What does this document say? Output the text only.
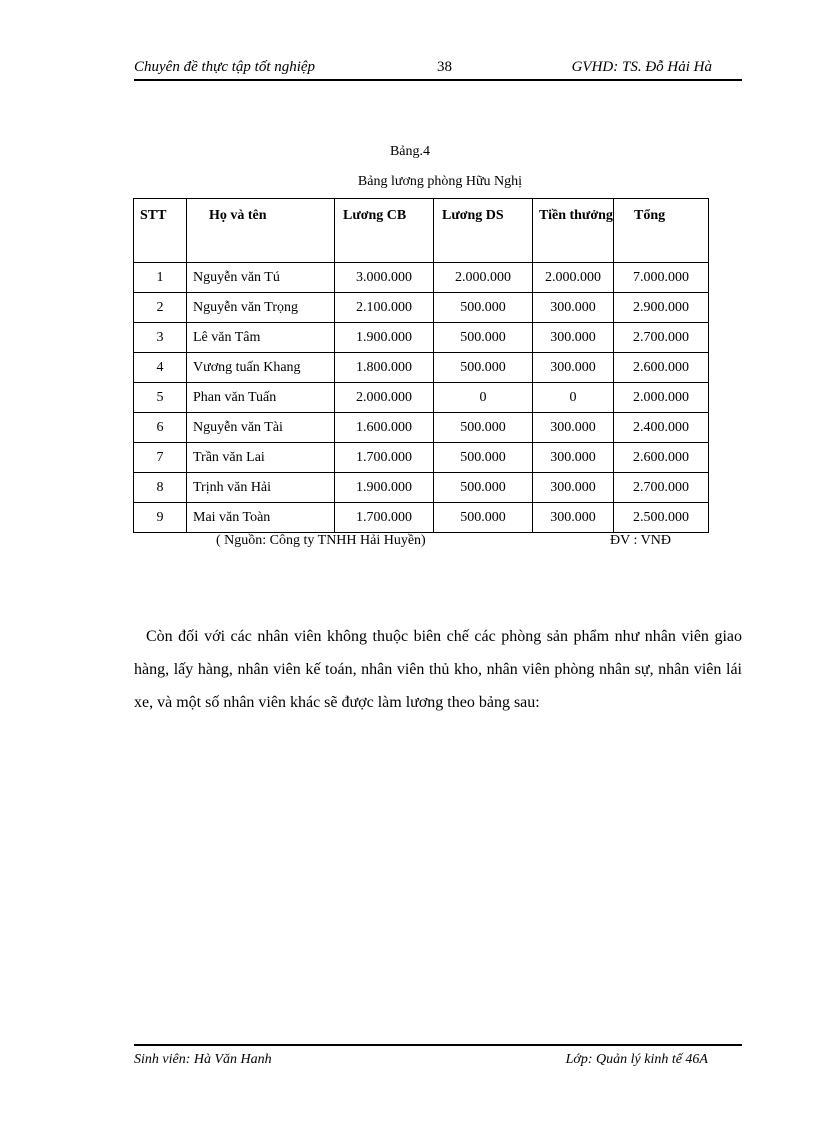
Chuyên đề thực tập tốt nghiệp	38	GVHD: TS. Đỗ Hải Hà
Bảng.4
Bảng lương phòng Hữu Nghị
STT	Họ và tên	Lương CB	Lương DS	Tiền thưởng	Tổng
1	Nguyễn văn Tú	3.000.000	2.000.000	2.000.000	7.000.000
2	Nguyễn văn Trọng	2.100.000	500.000	300.000	2.900.000
3	Lê văn Tâm	1.900.000	500.000	300.000	2.700.000
4	Vương tuấn Khang	1.800.000	500.000	300.000	2.600.000
5	Phan văn Tuấn	2.000.000	0	0	2.000.000
6	Nguyễn văn Tài	1.600.000	500.000	300.000	2.400.000
7	Trần văn Lai	1.700.000	500.000	300.000	2.600.000
8	Trịnh văn Hải	1.900.000	500.000	300.000	2.700.000
9	Mai văn Toàn	1.700.000	500.000	300.000	2.500.000
( Nguồn: Công ty TNHH Hải Huyền)	ĐV : VNĐ
Còn đối với các nhân viên không thuộc biên chế các phòng sản phẩm như nhân viên giao hàng, lấy hàng, nhân viên kế toán, nhân viên thủ kho, nhân viên phòng nhân sự, nhân viên lái xe, và một số nhân viên khác sẽ được làm lương theo bảng sau:
Sinh viên: Hà Văn Hanh	Lớp: Quản lý kinh tế 46A
